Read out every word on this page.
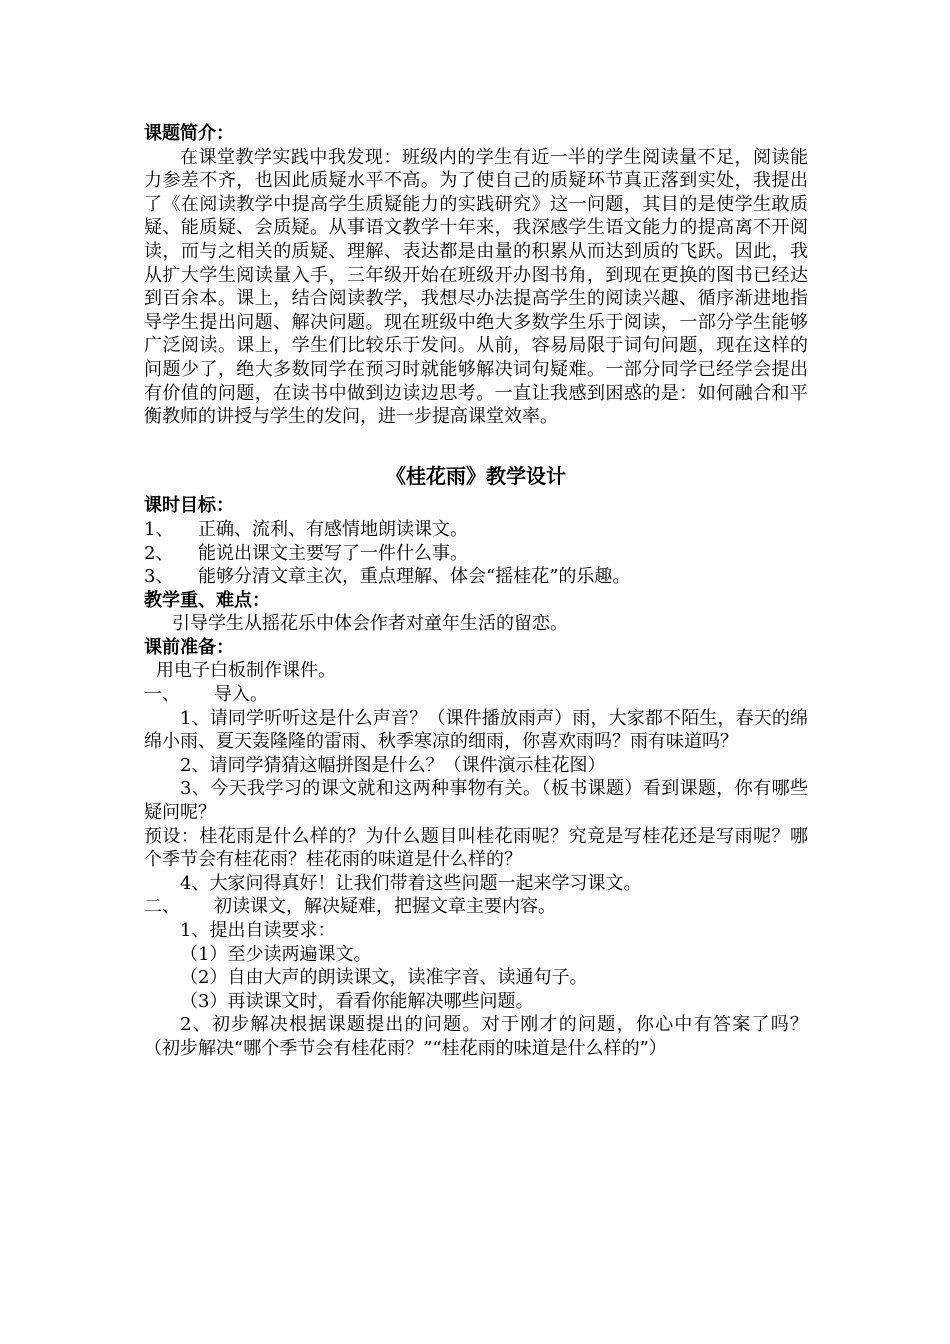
课题简介：

在课堂教学实践中我发现：班级内的学生有近一半的学生阅读量不足，阅读能力参差不齐，也因此质疑水平不高。为了使自己的质疑环节真正落到实处，我提出了《在阅读教学中提高学生质疑能力的实践研究》这一问题，其目的是使学生敢质疑、能质疑、会质疑。从事语文教学十年来，我深感学生语文能力的提高离不开阅读，而与之相关的质疑、理解、表达都是由量的积累从而达到质的飞跃。因此，我从扩大学生阅读量入手，三年级开始在班级开办图书角，到现在更换的图书已经达到百余本。课上，结合阅读教学，我想尽办法提高学生的阅读兴趣、循序渐进地指导学生提出问题、解决问题。现在班级中绝大多数学生乐于阅读，一部分学生能够广泛阅读。课上，学生们比较乐于发问。从前，容易局限于词句问题，现在这样的问题少了，绝大多数同学在预习时就能够解决词句疑难。一部分同学已经学会提出有价值的问题，在读书中做到边读边思考。一直让我感到困惑的是：如何融合和平衡教师的讲授与学生的发问，进一步提高课堂效率。

《桂花雨》教学设计

课时目标：

1、	正确、流利、有感情地朗读课文。
2、	能说出课文主要写了一件什么事。
3、	能够分清文章主次，重点理解、体会“摇桂花”的乐趣。

教学重、难点：

引导学生从摇花乐中体会作者对童年生活的留恋。

课前准备：

用电子白板制作课件。

一、	导入。

1、请同学听听这是什么声音？（课件播放雨声）雨，大家都不陌生，春天的绵绵小雨、夏天轰隆隆的雷雨、秋季寒凉的细雨，你喜欢雨吗？雨有味道吗？

2、请同学猜猜这幅拼图是什么？（课件演示桂花图）

3、今天我学习的课文就和这两种事物有关。（板书课题）看到课题，你有哪些疑问呢？

预设：桂花雨是什么样的？为什么题目叫桂花雨呢？究竟是写桂花还是写雨呢？哪个季节会有桂花雨？桂花雨的味道是什么样的？

4、大家问得真好！让我们带着这些问题一起来学习课文。

二、	初读课文，解决疑难，把握文章主要内容。

1、提出自读要求：

（1）至少读两遍课文。

（2）自由大声的朗读课文，读准字音、读通句子。

（3）再读课文时，看看你能解决哪些问题。

2、初步解决根据课题提出的问题。对于刚才的问题，你心中有答案了吗？ （初步解决“哪个季节会有桂花雨？”“桂花雨的味道是什么样的”）
